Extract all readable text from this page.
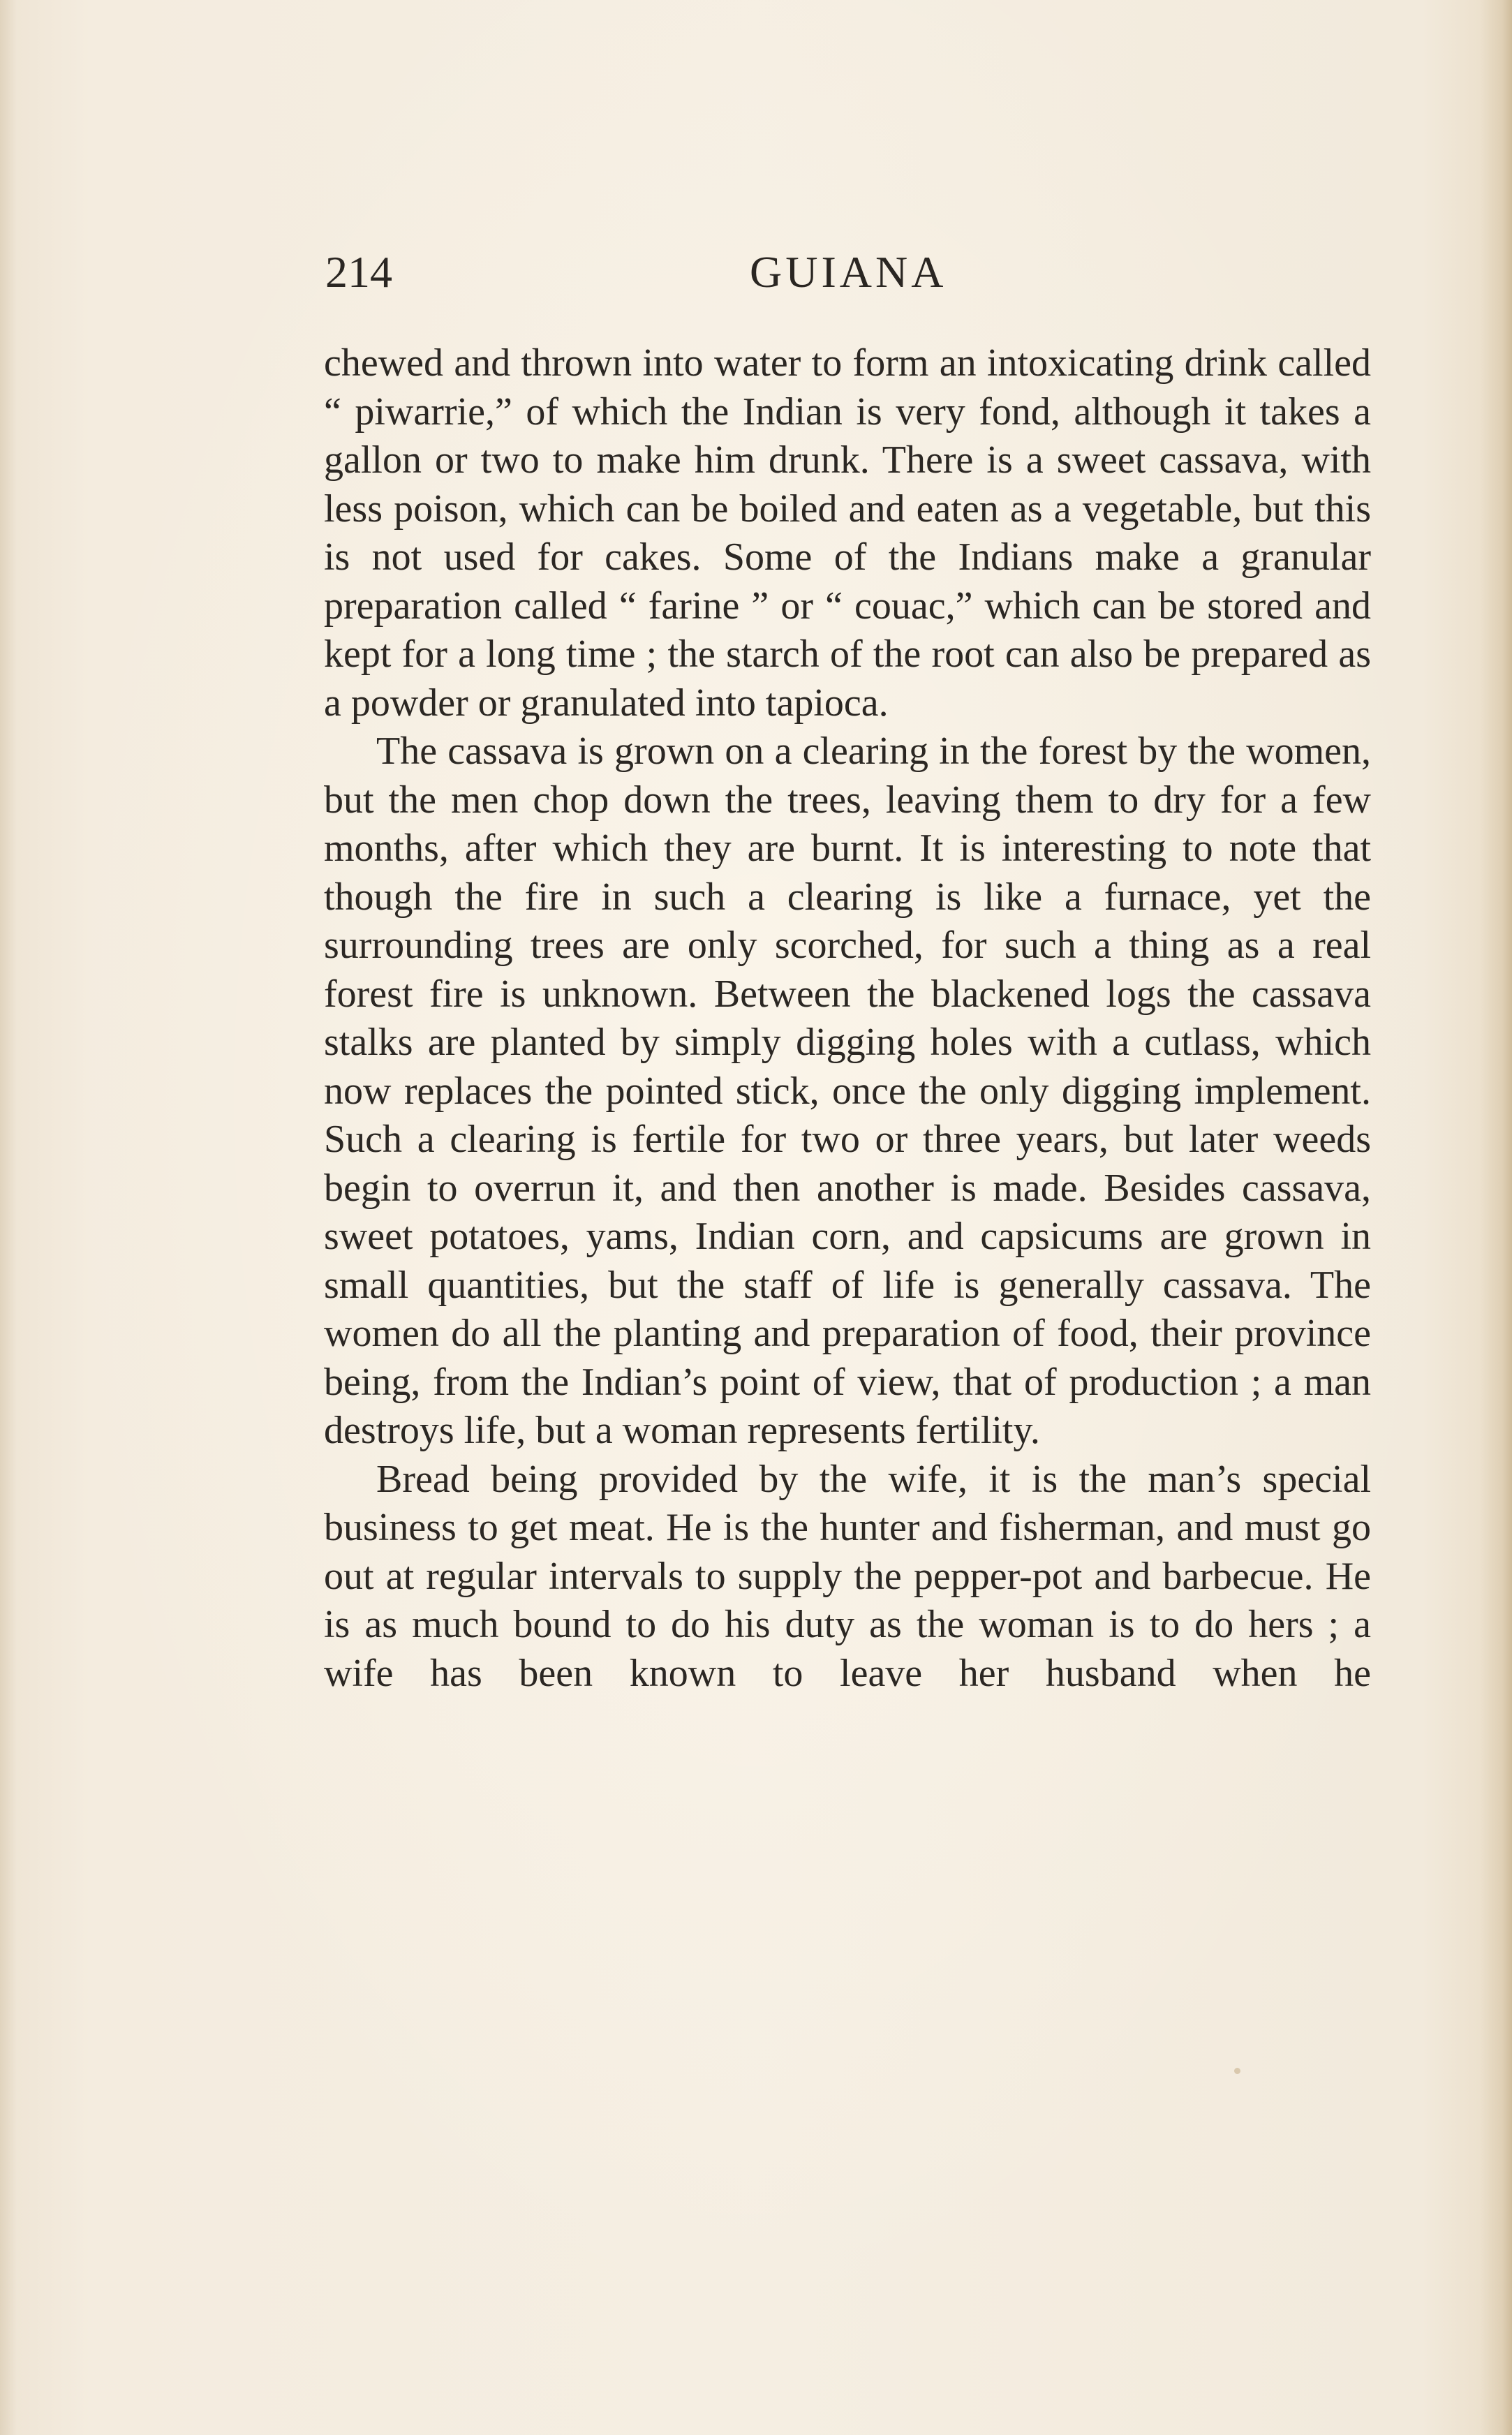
214	GUIANA

chewed and thrown into water to form an intoxicating drink called “ piwarrie,” of which the Indian is very fond, although it takes a gallon or two to make him drunk. There is a sweet cassava, with less poison, which can be boiled and eaten as a vegetable, but this is not used for cakes. Some of the Indians make a granular preparation called “ farine ” or “ couac,” which can be stored and kept for a long time ; the starch of the root can also be prepared as a powder or granulated into tapioca.

The cassava is grown on a clearing in the forest by the women, but the men chop down the trees, leaving them to dry for a few months, after which they are burnt. It is interesting to note that though the fire in such a clearing is like a furnace, yet the surrounding trees are only scorched, for such a thing as a real forest fire is unknown. Between the blackened logs the cassava stalks are planted by simply digging holes with a cutlass, which now replaces the pointed stick, once the only digging implement. Such a clearing is fertile for two or three years, but later weeds begin to overrun it, and then another is made. Besides cassava, sweet potatoes, yams, Indian corn, and capsicums are grown in small quantities, but the staff of life is generally cassava. The women do all the planting and preparation of food, their province being, from the Indian’s point of view, that of production ; a man destroys life, but a woman represents fertility.

Bread being provided by the wife, it is the man’s special business to get meat. He is the hunter and fisherman, and must go out at regular intervals to supply the pepper-pot and barbecue. He is as much bound to do his duty as the woman is to do hers ; a wife has been known to leave her husband when he
